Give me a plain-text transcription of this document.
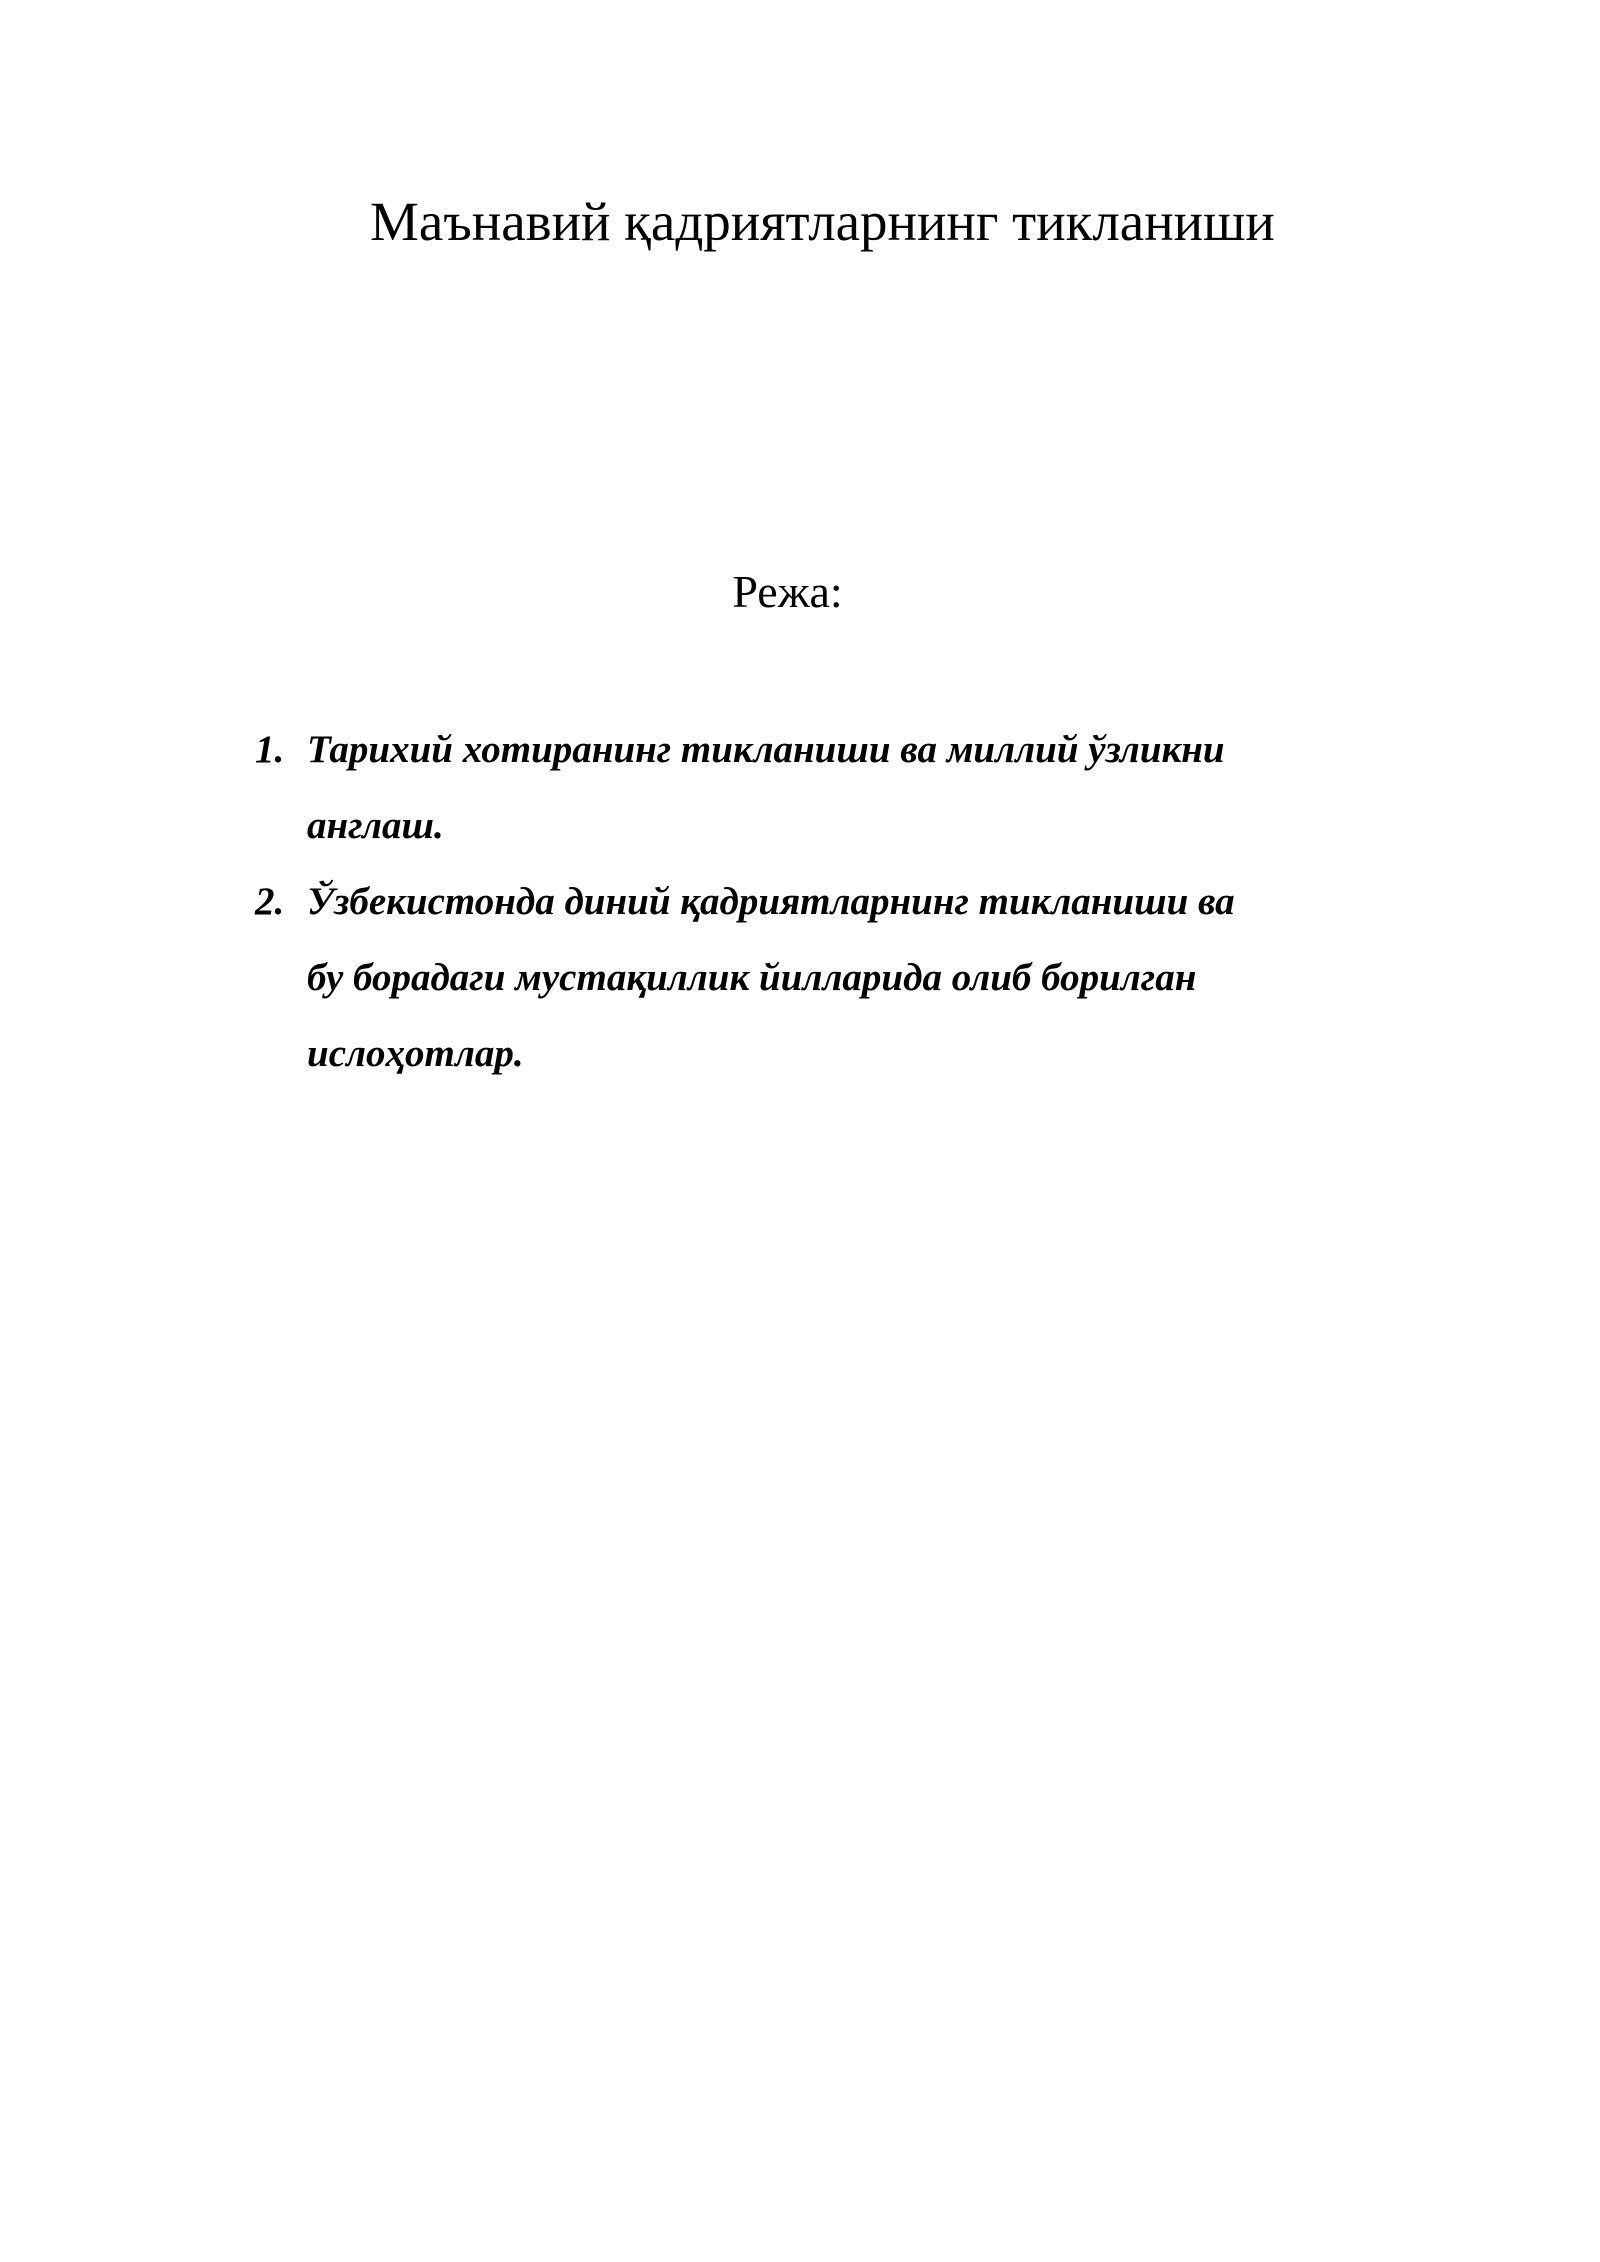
Маънавий қадриятларнинг тикланиши
Режа:
1. Тарихий хотиранинг тикланиши ва миллий ўзликни
англаш.
2. Ўзбекистонда диний қадриятларнинг тикланиши ва
бу борадаги мустақиллик йилларида олиб борилган
ислоҳотлар.
